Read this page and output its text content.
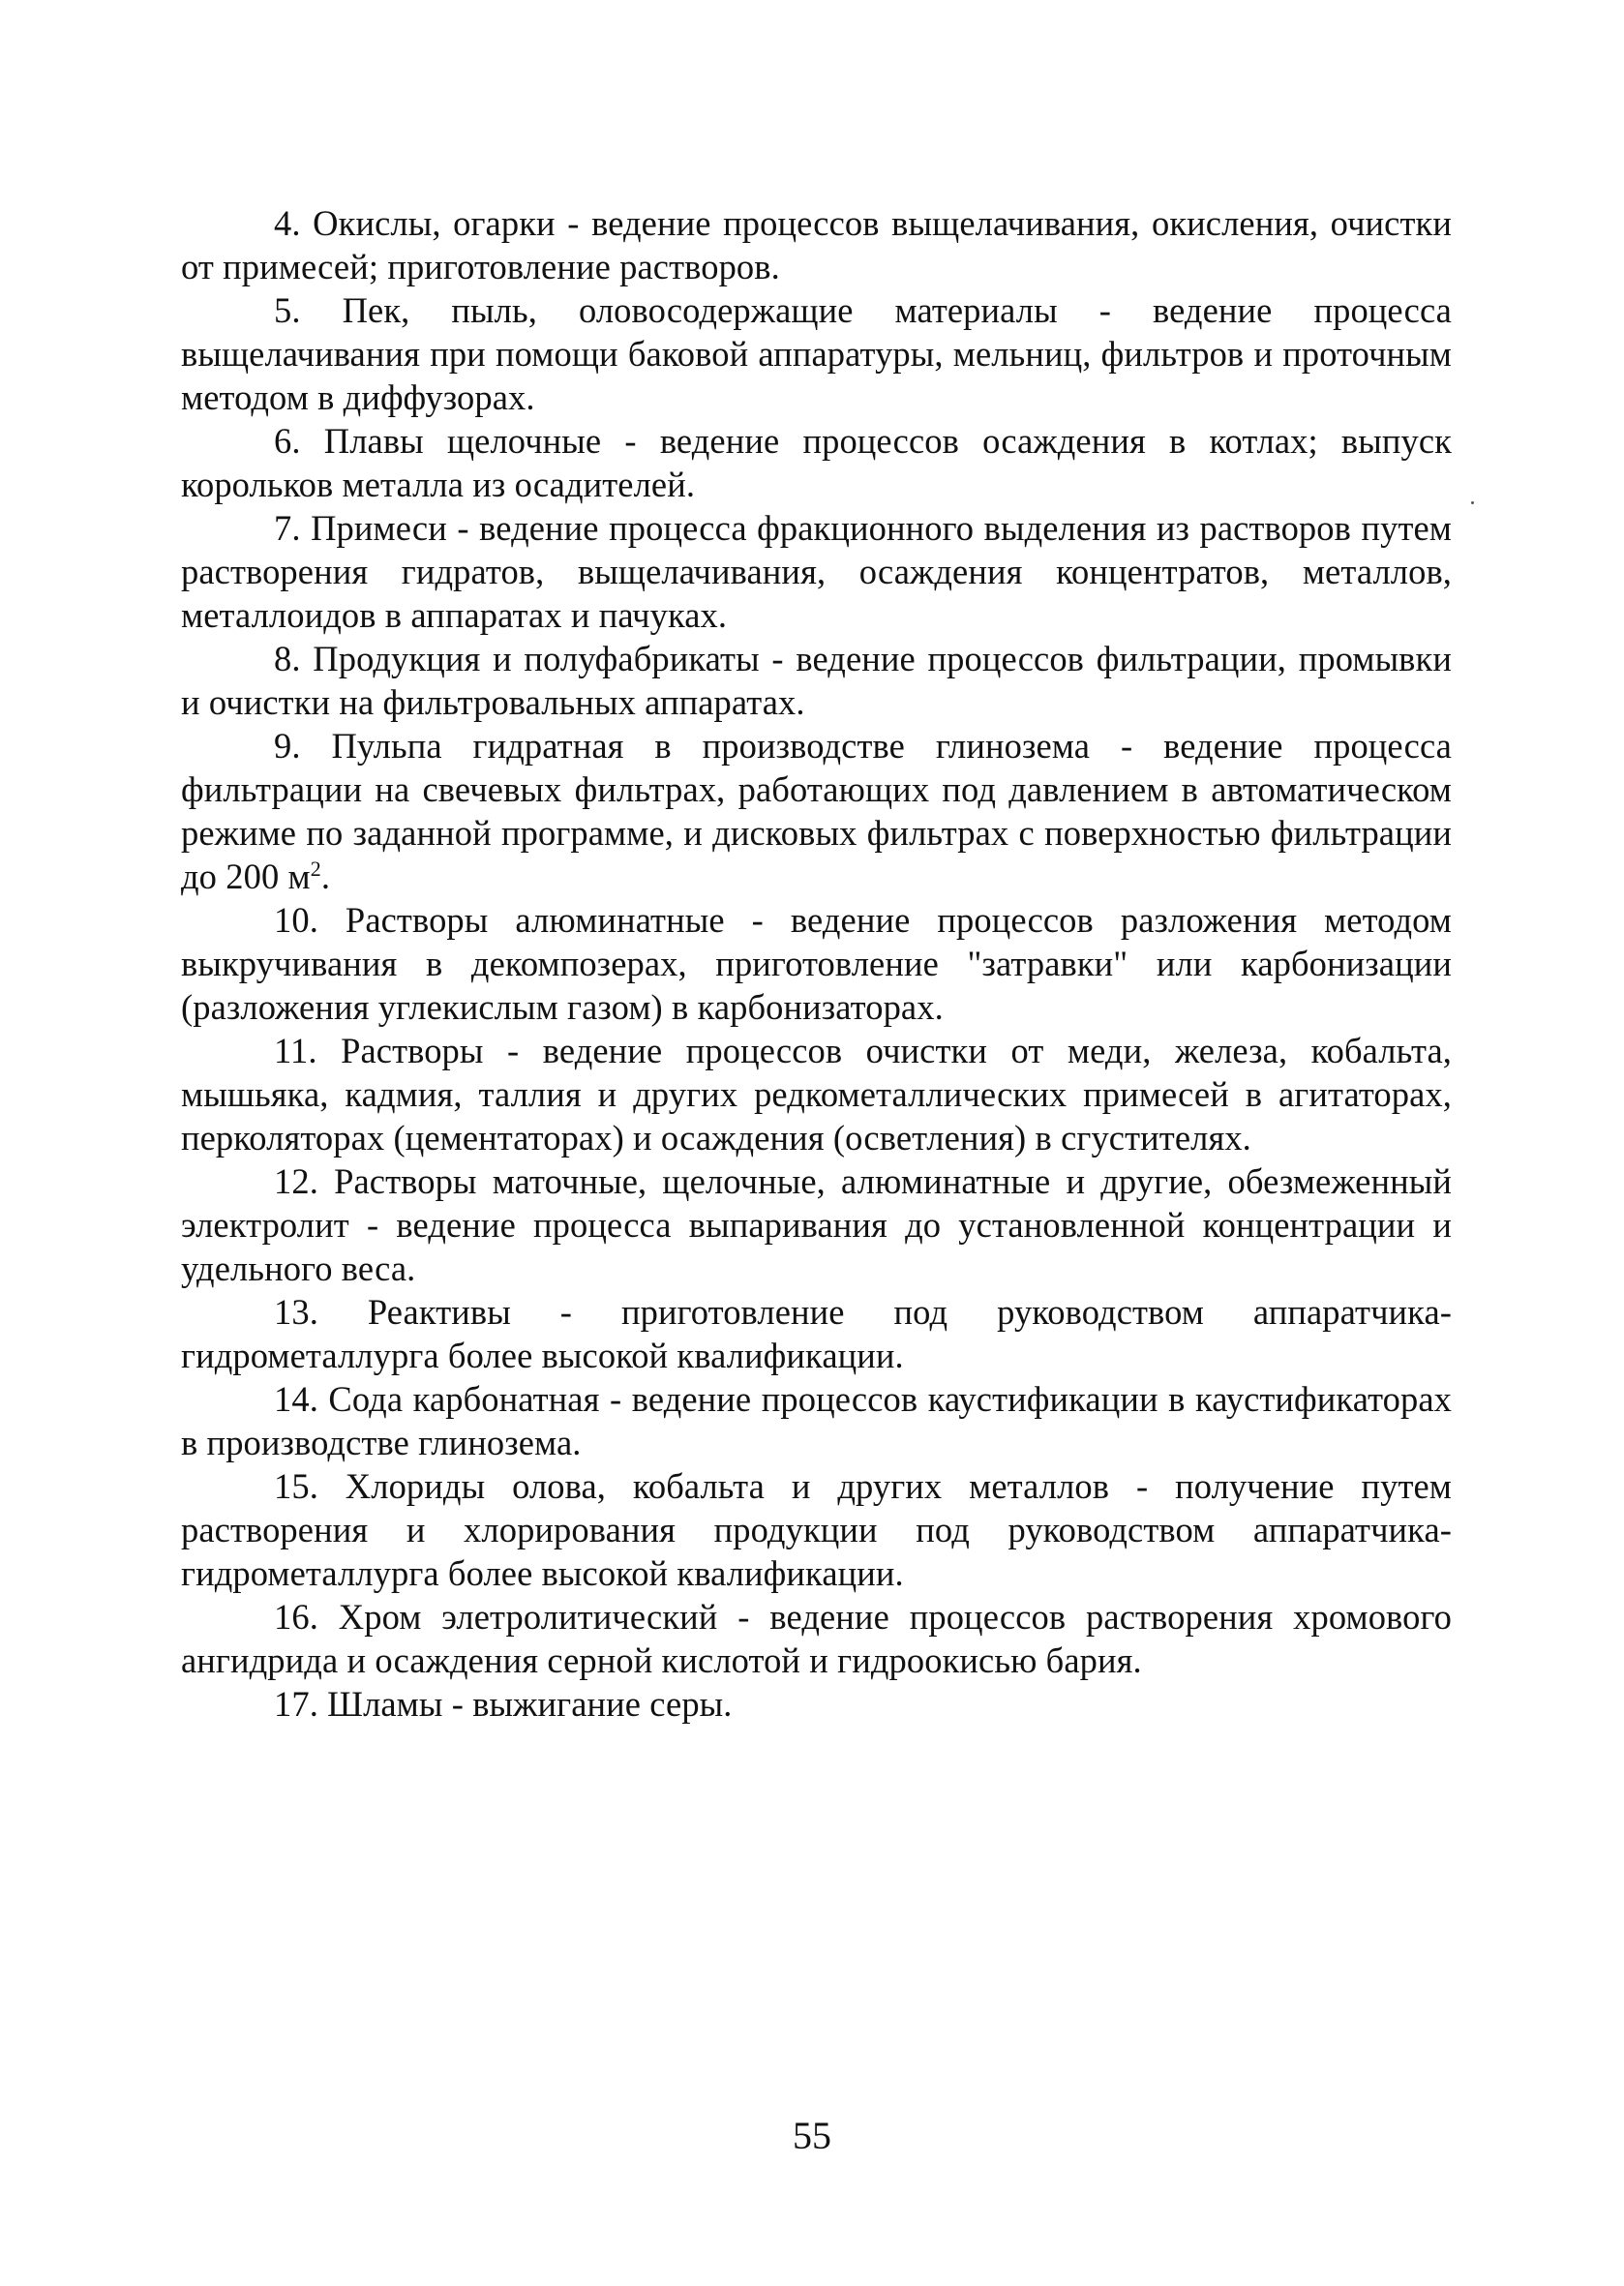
4. Окислы, огарки - ведение процессов выщелачивания, окисления, очистки от примесей; приготовление растворов.

5. Пек, пыль, оловосодержащие материалы - ведение процесса выщелачивания при помощи баковой аппаратуры, мельниц, фильтров и проточным методом в диффузорах.

6. Плавы щелочные - ведение процессов осаждения в котлах; выпуск корольков металла из осадителей.

7. Примеси - ведение процесса фракционного выделения из растворов путем растворения гидратов, выщелачивания, осаждения концентратов, металлов, металлоидов в аппаратах и пачуках.

8. Продукция и полуфабрикаты - ведение процессов фильтрации, промывки и очистки на фильтровальных аппаратах.

9. Пульпа гидратная в производстве глинозема - ведение процесса фильтрации на свечевых фильтрах, работающих под давлением в автоматическом режиме по заданной программе, и дисковых фильтрах с поверхностью фильтрации до 200 $м^2$.

10. Растворы алюминатные - ведение процессов разложения методом выкручивания в декомпозерах, приготовление "затравки" или карбонизации (разложения углекислым газом) в карбонизаторах.

11. Растворы - ведение процессов очистки от меди, железа, кобальта, мышьяка, кадмия, таллия и других редкометаллических примесей в агитаторах, перколяторах (цементаторах) и осаждения (осветления) в сгустителях.

12. Растворы маточные, щелочные, алюминатные и другие, обезмеженный электролит - ведение процесса выпаривания до установленной концентрации и удельного веса.

13. Реактивы - приготовление под руководством аппаратчика-гидрометаллурга более высокой квалификации.

14. Сода карбонатная - ведение процессов каустификации в каустификаторах в производстве глинозема.

15. Хлориды олова, кобальта и других металлов - получение путем растворения и хлорирования продукции под руководством аппаратчика-гидрометаллурга более высокой квалификации.

16. Хром элетролитический - ведение процессов растворения хромового ангидрида и осаждения серной кислотой и гидроокисью бария.

17. Шламы - выжигание серы.

55
